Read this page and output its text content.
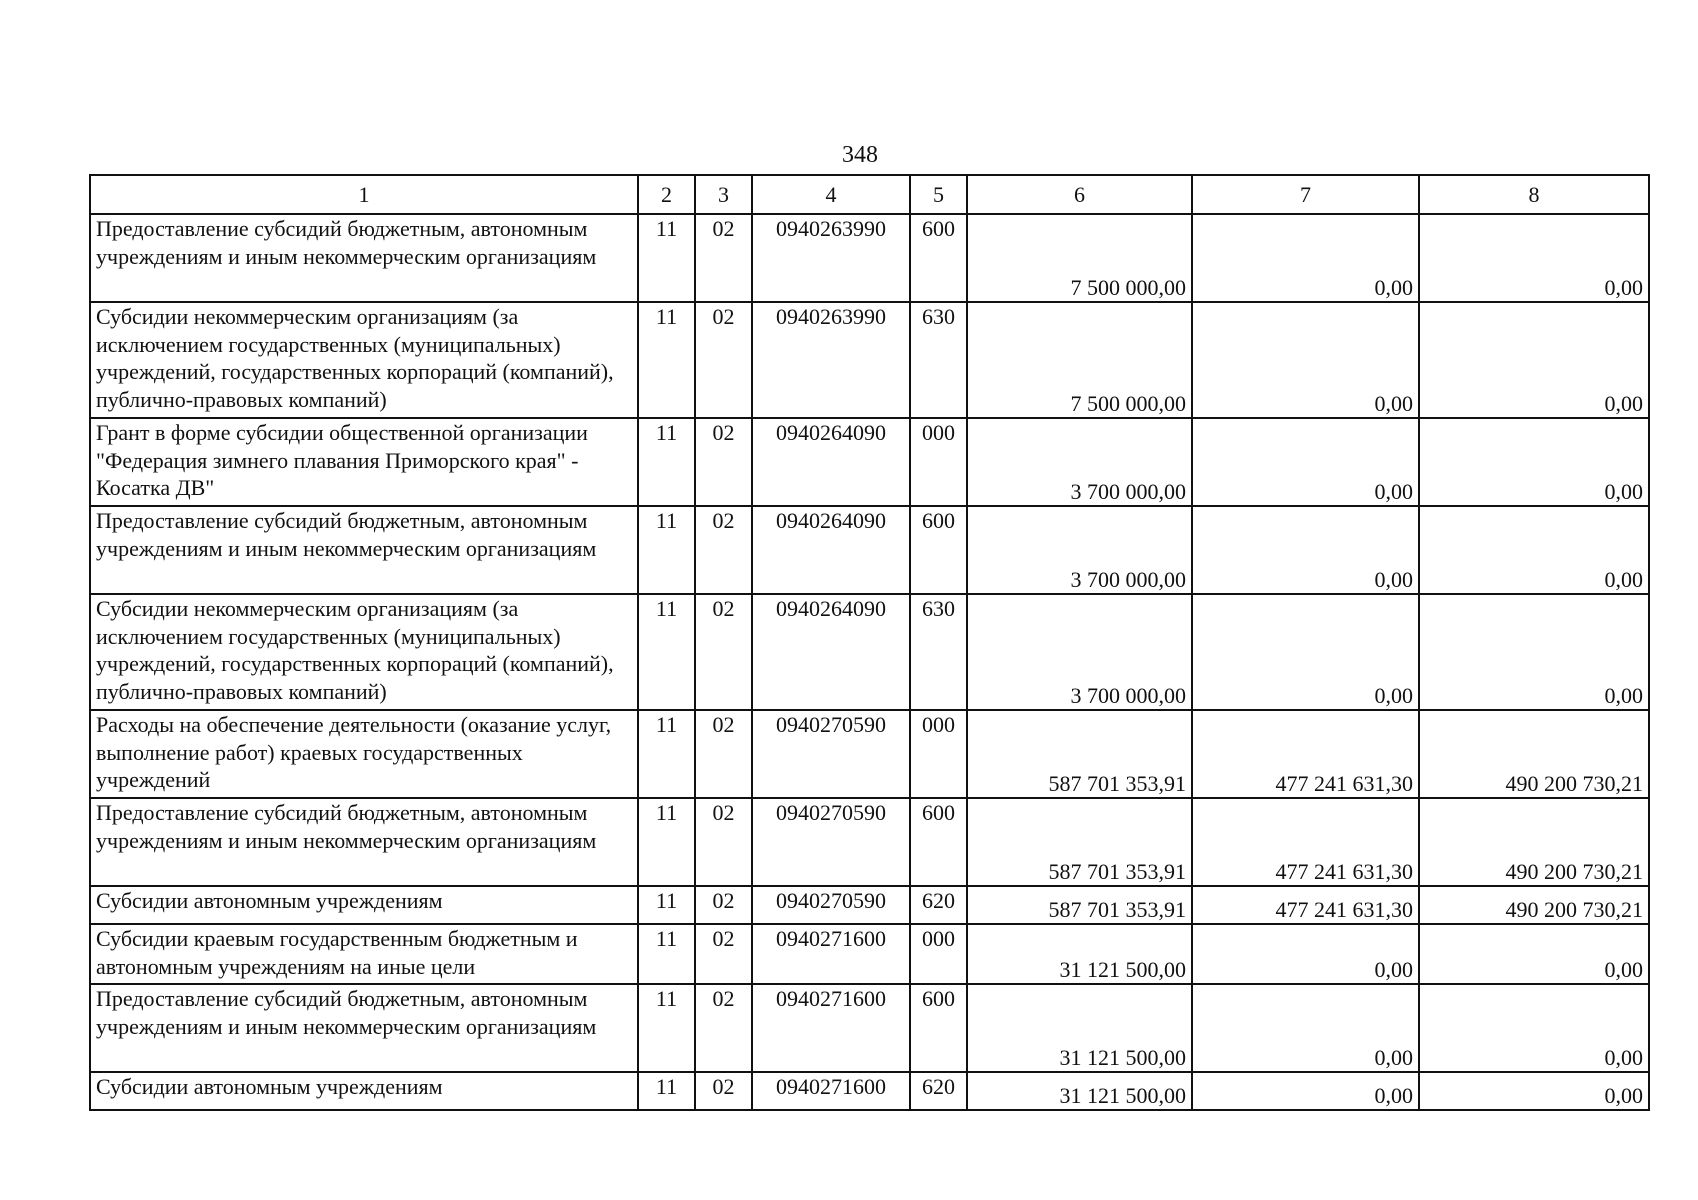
348
1	2	3	4	5	6	7	8
Предоставление субсидий бюджетным, автономным учреждениям и иным некоммерческим организациям	11	02	0940263990	600	7 500 000,00	0,00	0,00
Субсидии некоммерческим организациям (за исключением государственных (муниципальных) учреждений, государственных корпораций (компаний), публично-правовых компаний)	11	02	0940263990	630	7 500 000,00	0,00	0,00
Грант в форме субсидии общественной организации "Федерация зимнего плавания Приморского края" - Косатка ДВ"	11	02	0940264090	000	3 700 000,00	0,00	0,00
Предоставление субсидий бюджетным, автономным учреждениям и иным некоммерческим организациям	11	02	0940264090	600	3 700 000,00	0,00	0,00
Субсидии некоммерческим организациям (за исключением государственных (муниципальных) учреждений, государственных корпораций (компаний), публично-правовых компаний)	11	02	0940264090	630	3 700 000,00	0,00	0,00
Расходы на обеспечение деятельности (оказание услуг, выполнение работ) краевых государственных учреждений	11	02	0940270590	000	587 701 353,91	477 241 631,30	490 200 730,21
Предоставление субсидий бюджетным, автономным учреждениям и иным некоммерческим организациям	11	02	0940270590	600	587 701 353,91	477 241 631,30	490 200 730,21
Субсидии автономным учреждениям	11	02	0940270590	620	587 701 353,91	477 241 631,30	490 200 730,21
Субсидии краевым государственным бюджетным и автономным учреждениям на иные цели	11	02	0940271600	000	31 121 500,00	0,00	0,00
Предоставление субсидий бюджетным, автономным учреждениям и иным некоммерческим организациям	11	02	0940271600	600	31 121 500,00	0,00	0,00
Субсидии автономным учреждениям	11	02	0940271600	620	31 121 500,00	0,00	0,00
